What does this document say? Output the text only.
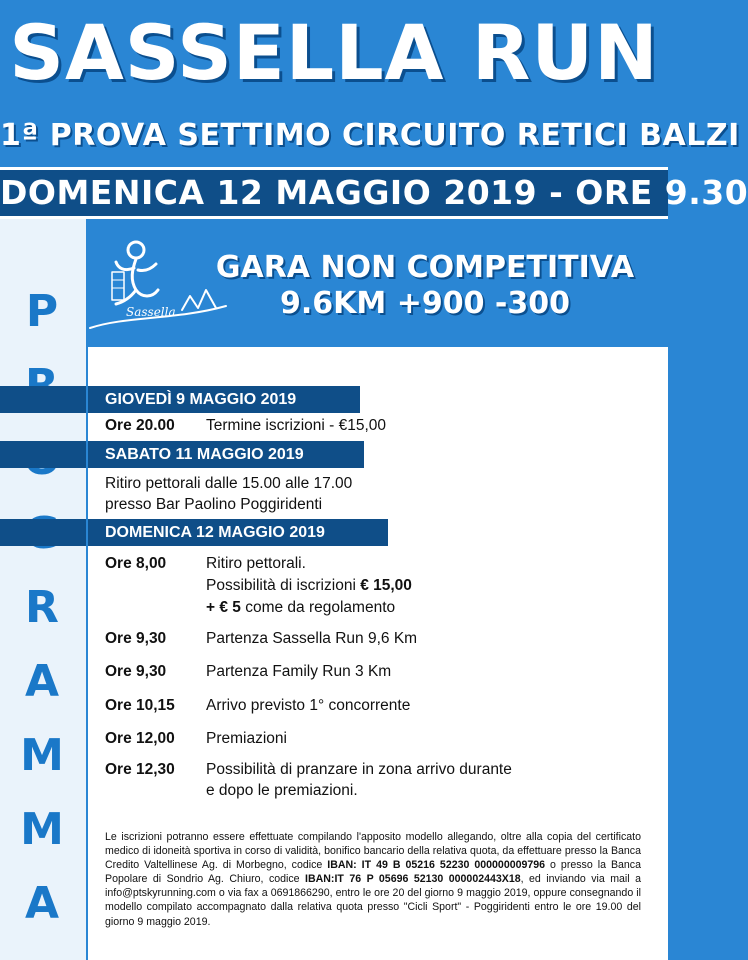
SASSELLA RUN
1ª PROVA SETTIMO CIRCUITO RETICI BALZI
DOMENICA 12 MAGGIO 2019 - ORE 9.30
P
R
A
M
M
A
Sassella
GARA NON COMPETITIVA
9.6KM +900 -300
GIOVEDÌ 9 MAGGIO 2019
Ore 20.00 Termine iscrizioni - €15,00
SABATO 11 MAGGIO 2019
Ritiro pettorali dalle 15.00 alle 17.00
presso Bar Paolino Poggiridenti
DOMENICA 12 MAGGIO 2019
Ore 8,00	Ritiro pettorali.
Possibilità di iscrizioni € 15,00
+ € 5 come da regolamento
Ore 9,30	Partenza Sassella Run 9,6 Km
Ore 9,30	Partenza Family Run 3 Km
Ore 10,15 Arrivo previsto 1° concorrente
Ore 12,00 Premiazioni
Ore 12,30 Possibilità di pranzare in zona arrivo durante
e dopo le premiazioni.
Le iscrizioni potranno essere effettuate compilando l'apposito modello allegando, oltre alla copia del certificato medico di idoneità sportiva in corso di validità, bonifico bancario della relativa quota, da effettuare presso la Banca Credito Valtellinese Ag. di Morbegno, codice IBAN: IT 49 B 05216 52230 000000009796 o presso la Banca Popolare di Sondrio Ag. Chiuro, codice IBAN:IT 76 P 05696 52130 000002443X18, ed inviando via mail a info@ptskyrunning.com o via fax a 0691866290, entro le ore 20 del giorno 9 maggio 2019, oppure consegnando il modello compilato accompagnato dalla relativa quota presso "Cicli Sport" - Poggiridenti entro le ore 19.00 del giorno 9 maggio 2019.
